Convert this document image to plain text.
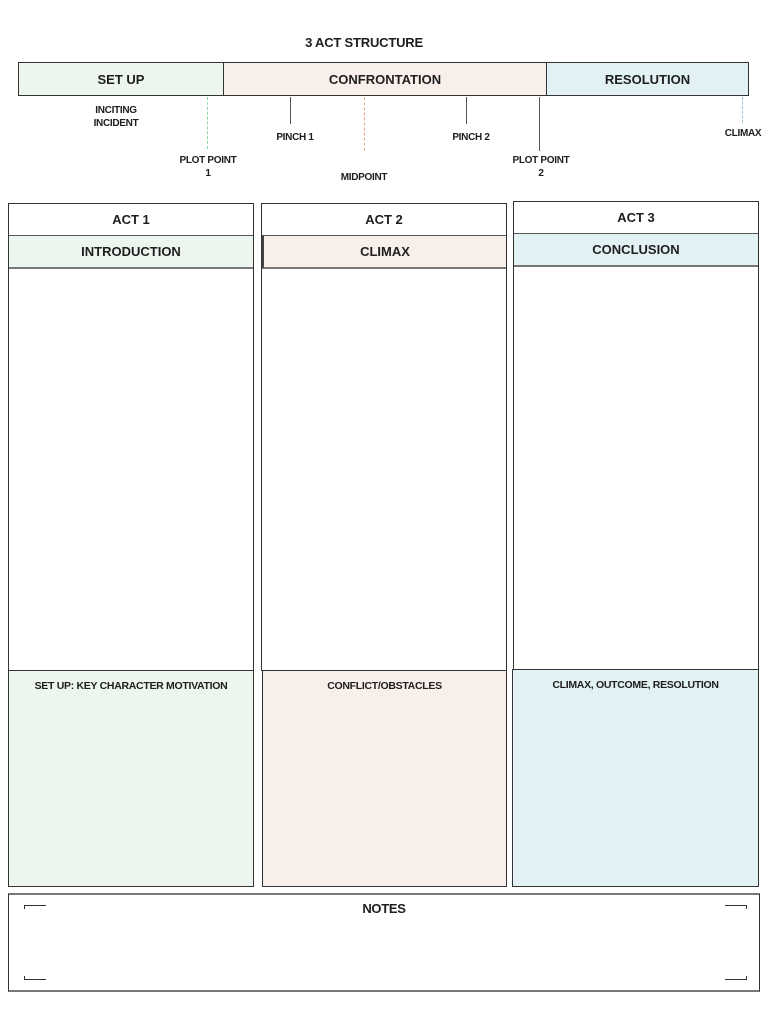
3 ACT STRUCTURE
SET UP	CONFRONTATION	RESOLUTION
INCITING
INCIDENT
PLOT POINT
1
PINCH 1
MIDPOINT
PINCH 2
PLOT POINT
2
CLIMAX
ACT 1
INTRODUCTION
SET UP: KEY CHARACTER MOTIVATION
ACT 2
CLIMAX
CONFLICT/OBSTACLES
ACT 3
CONCLUSION
CLIMAX, OUTCOME, RESOLUTION
NOTES
